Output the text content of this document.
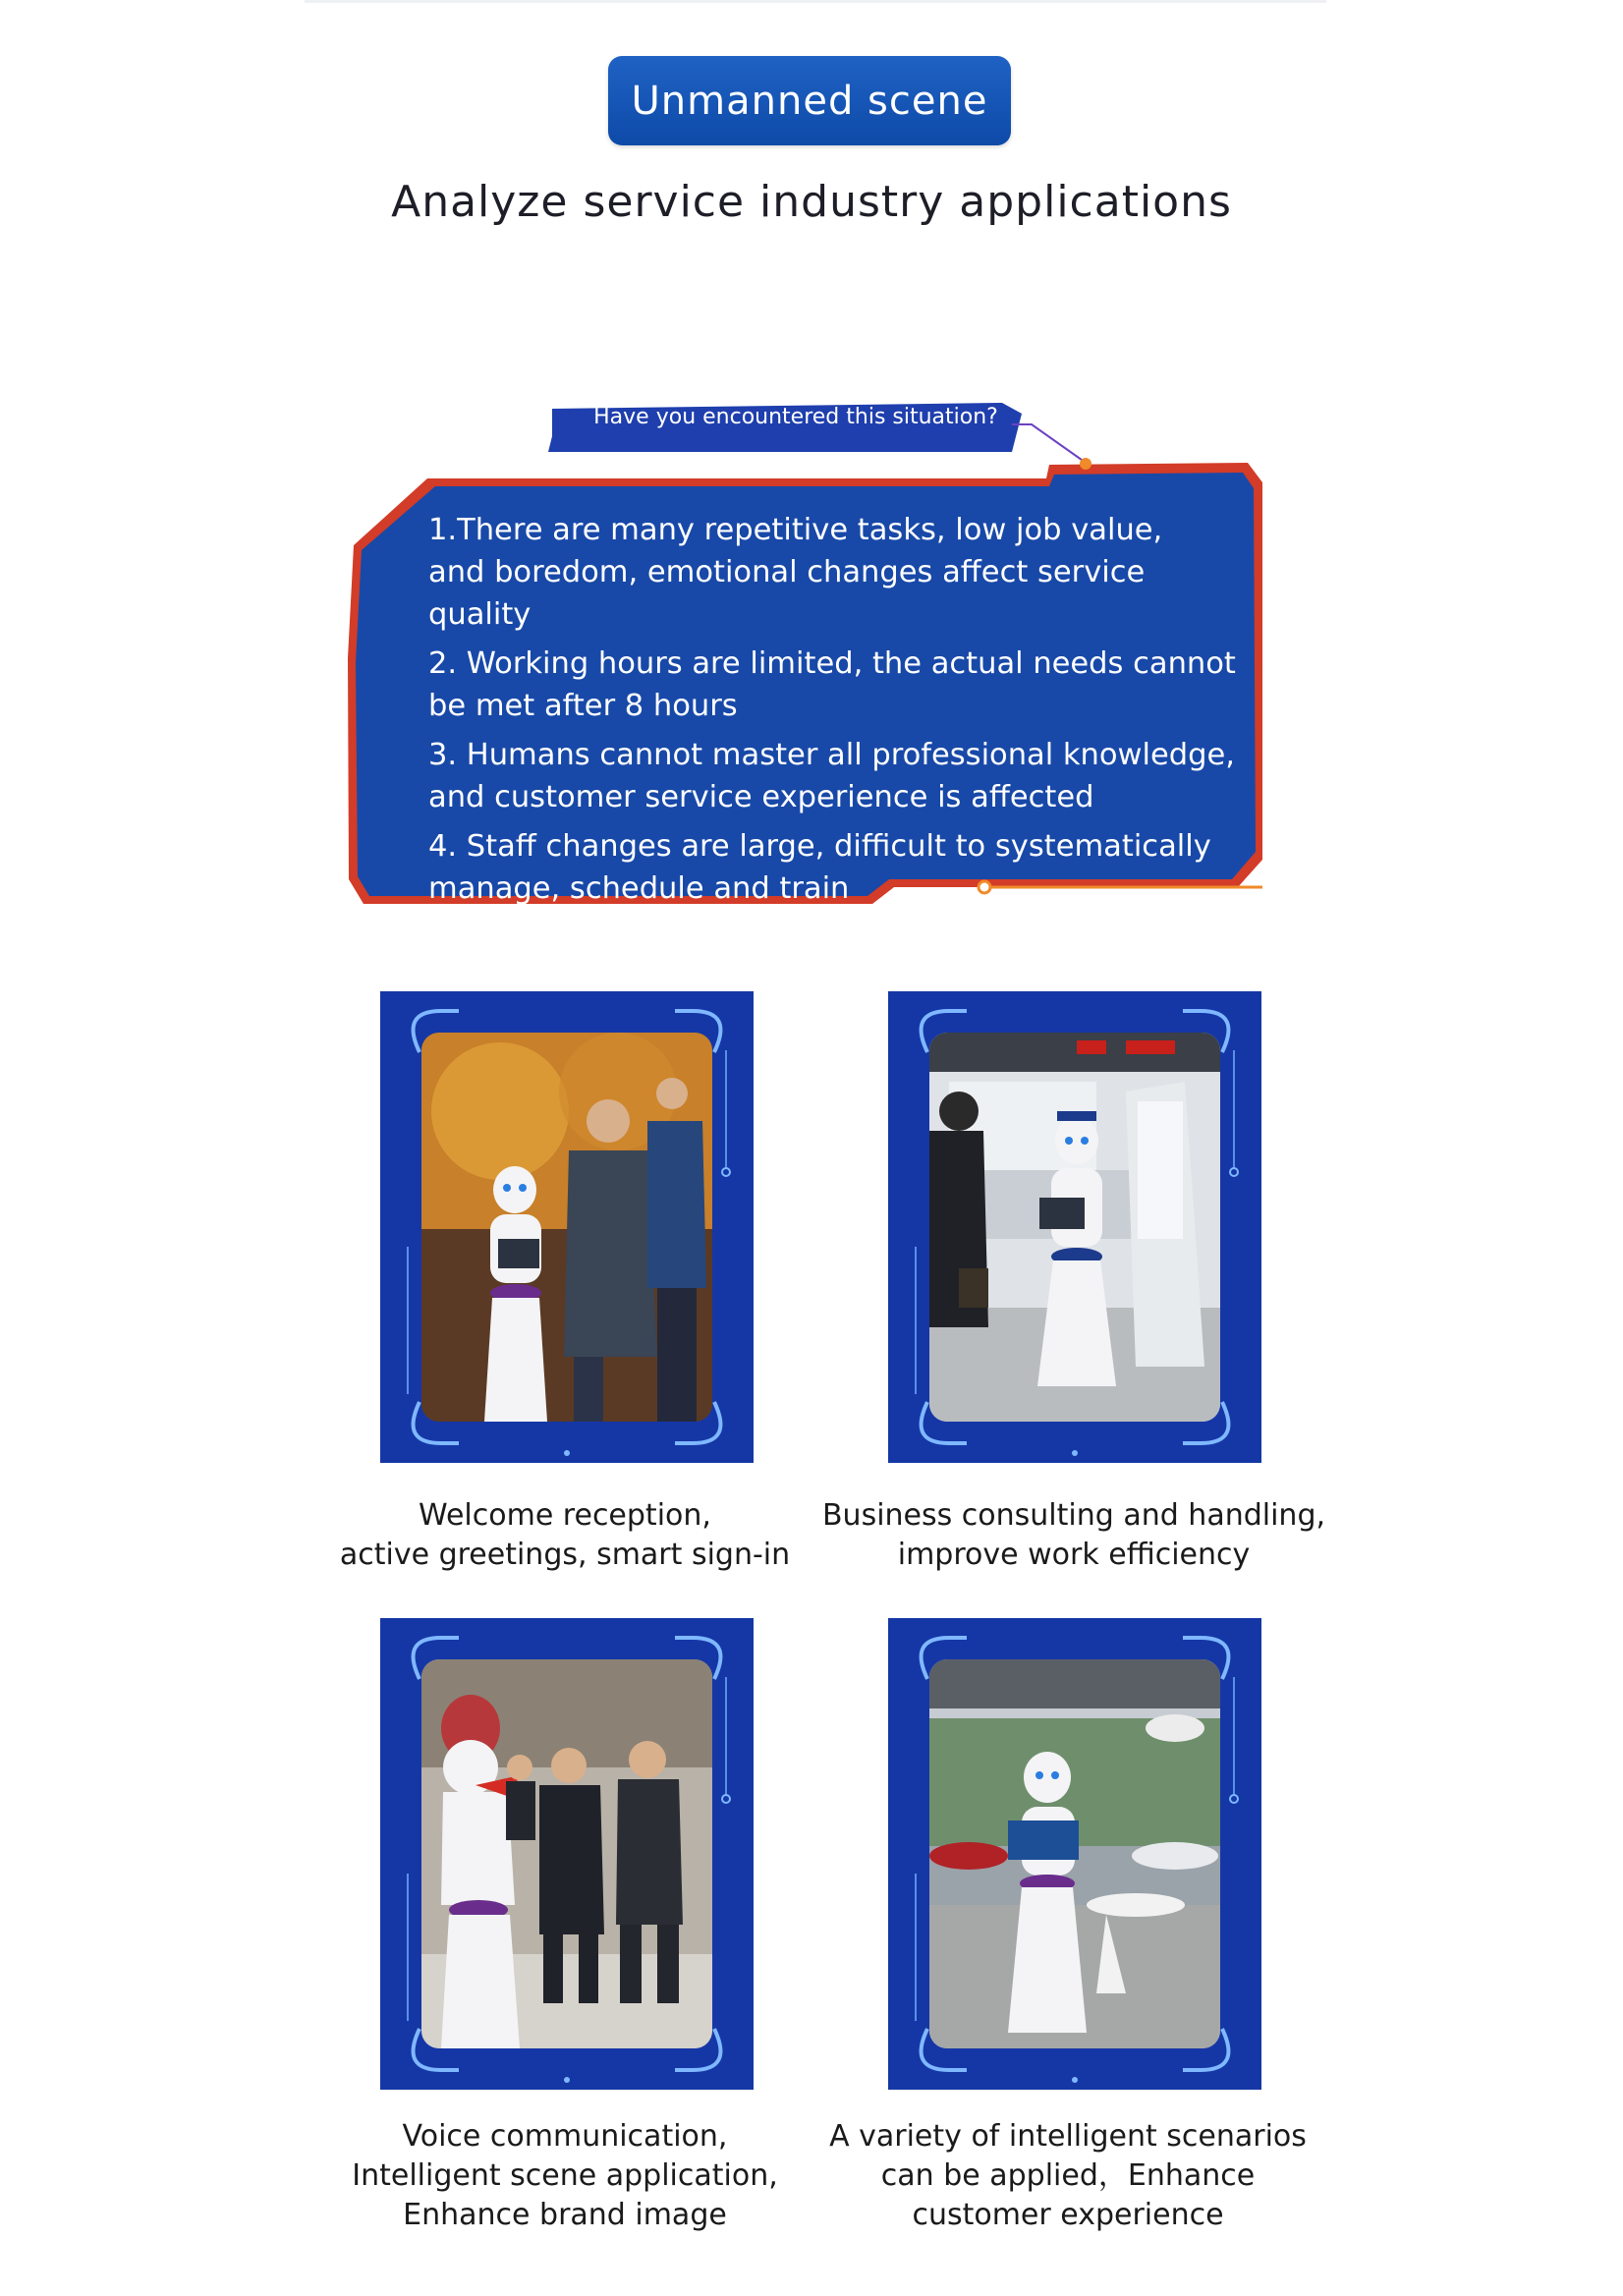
Unmanned scene
Analyze service industry applications
Have you encountered this situation?

1.There are many repetitive tasks, low job value,
and boredom, emotional changes affect service quality

2. Working hours are limited, the actual needs cannot
be met after 8 hours

3. Humans cannot master all professional knowledge,
and customer service experience is affected

4. Staff changes are large, difficult to systematically
manage, schedule and train

Welcome reception,
active greetings, smart sign-in
Business consulting and handling,
improve work efficiency
Voice communication,
Intelligent scene application,
Enhance brand image
A variety of intelligent scenarios
can be applied，Enhance
customer experience
